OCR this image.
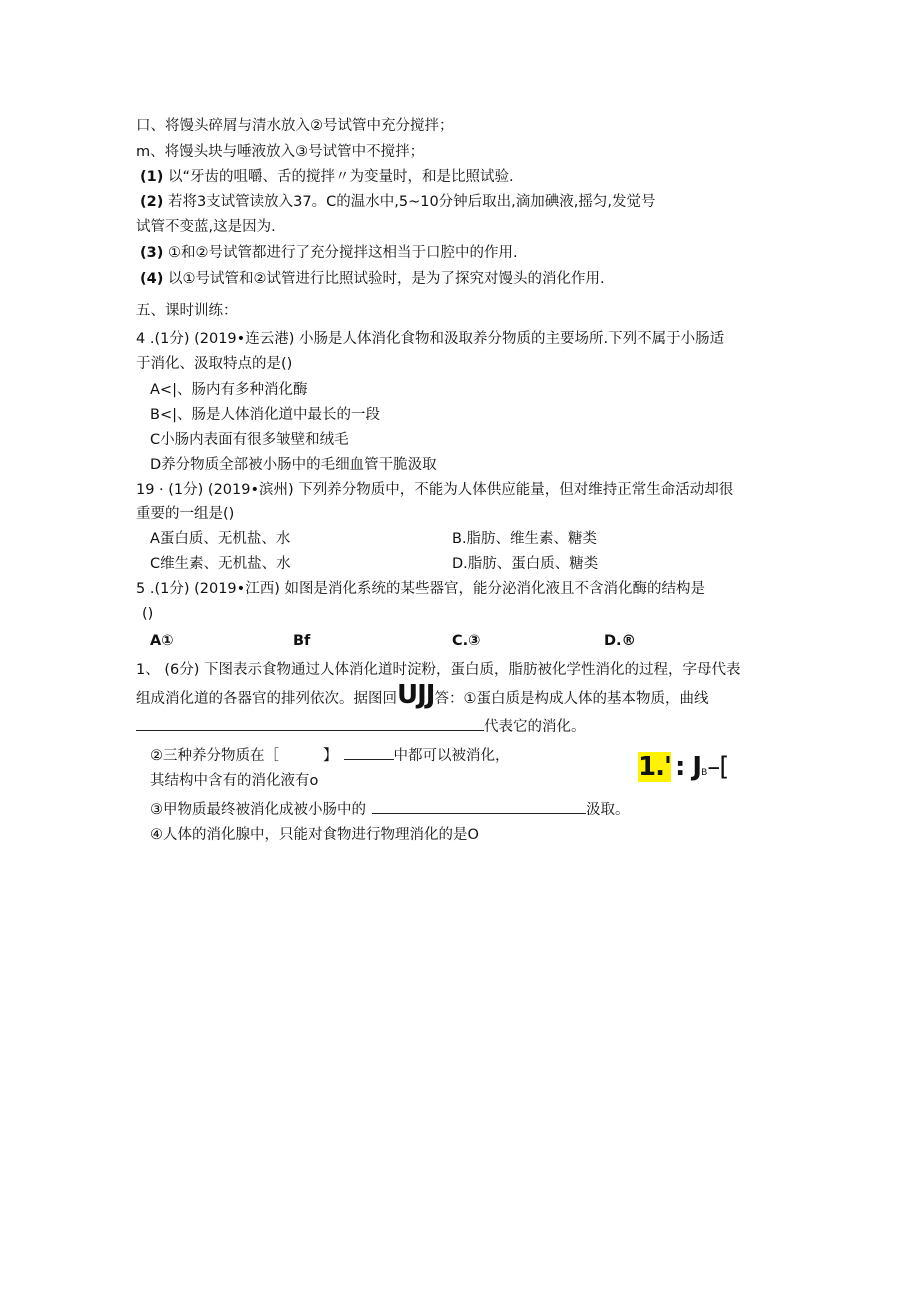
口、将馒头碎屑与清水放入②号试管中充分搅拌；
m、将馒头块与唾液放入③号试管中不搅拌；
(1) 以“牙齿的咀嚼、舌的搅拌〃为变量时，和是比照试验.
(2) 若将3支试管读放入37。C的温水中,5~10分钟后取出,滴加碘液,摇匀,发觉号
试管不变蓝,这是因为.
(3) ①和②号试管都进行了充分搅拌这相当于口腔中的作用.
(4) 以①号试管和②试管进行比照试验时，是为了探究对馒头的消化作用.
五、课时训练：
4 .(1分) (2019•连云港) 小肠是人体消化食物和汲取养分物质的主要场所.下列不属于小肠适
于消化、汲取特点的是()
A<|、肠内有多种消化酶
B<|、肠是人体消化道中最长的一段
C小肠内表面有很多皱壁和绒毛
D养分物质全部被小肠中的毛细血管干脆汲取
19 · (1分) (2019•滨州) 下列养分物质中，不能为人体供应能量，但对维持正常生命活动却很
重要的一组是()
A蛋白质、无机盐、水	B.脂肪、维生素、糖类
C维生素、无机盐、水	D.脂肪、蛋白质、糖类
5 .(1分) (2019•江西) 如图是消化系统的某些器官，能分泌消化液且不含消化酶的结构是
()
A①	Bf	C.③	D.®
1、 (6分) 下图表示食物通过人体消化道时淀粉，蛋白质，脂肪被化学性消化的过程，字母代表
组成消化道的各器官的排列依次。据图回UJJ答：①蛋白质是构成人体的基本物质，曲线
代表它的消化。
②三种养分物质在［	】	中都可以被消化，
其结构中含有的消化液有o	1.' : JB–[
③甲物质最终被消化成被小肠中的	汲取。
④人体的消化腺中，只能对食物进行物理消化的是O
